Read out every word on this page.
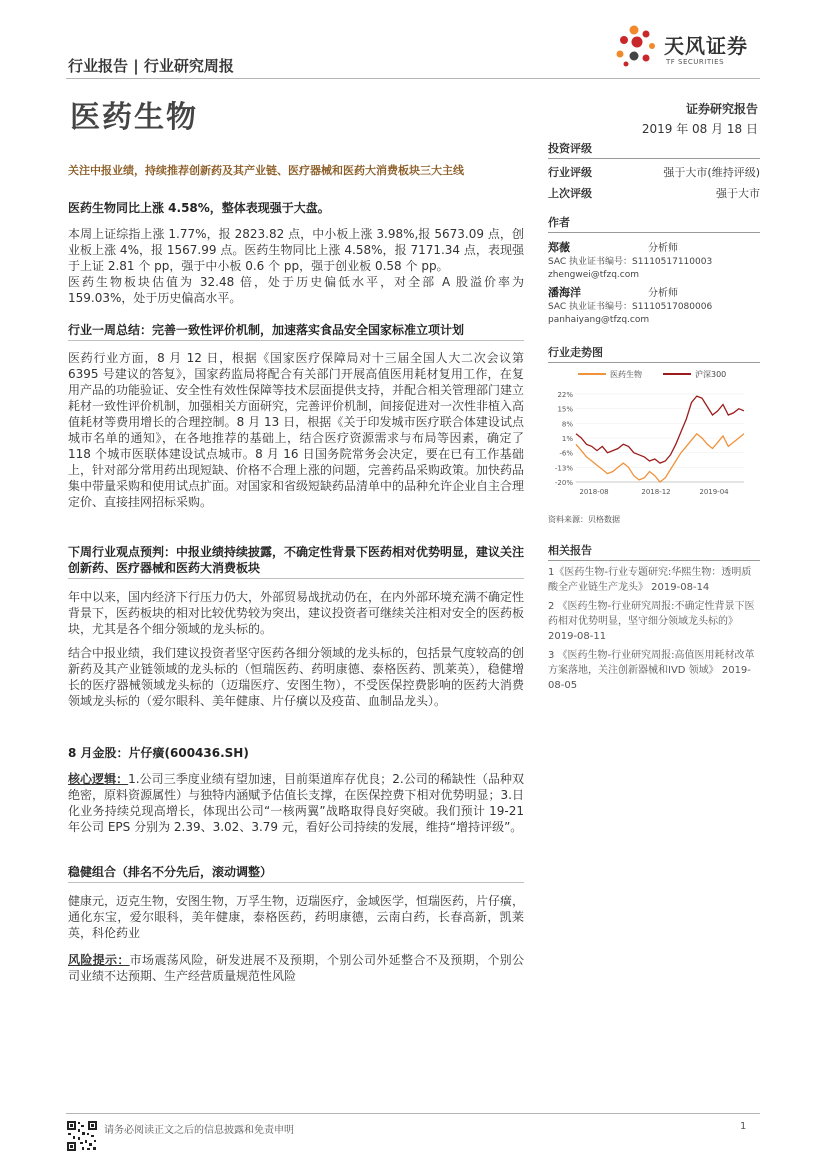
行业报告 | 行业研究周报
天风证券
TF SECURITIES
医药生物	证券研究报告
2019 年 08 月 18 日
关注中报业绩，持续推荐创新药及其产业链、医疗器械和医药大消费板块三大主线
投资评级
行业评级	强于大市(维持评级)
上次评级	强于大市
作者
郑薇	分析师
SAC 执业证书编号：S1110517110003
zhengwei@tfzq.com
潘海洋	分析师
SAC 执业证书编号：S1110517080006
panhaiyang@tfzq.com
行业走势图
医药生物	沪深300
22%
15%
8%
1%
-6%
-13%
-20%
2018-08	2018-12	2019-04
资料来源：贝格数据
相关报告
1《医药生物-行业专题研究:华熙生物：透明质酸全产业链生产龙头》 2019-08-14
2 《医药生物-行业研究周报:不确定性背景下医药相对优势明显，坚守细分领域龙头标的》 2019-08-11
3 《医药生物-行业研究周报:高值医用耗材改革方案落地，关注创新器械和IVD 领域》 2019-08-05
医药生物同比上涨 4.58%，整体表现强于大盘。
本周上证综指上涨 1.77%，报 2823.82 点，中小板上涨 3.98%,报 5673.09 点，创业板上涨 4%，报 1567.99 点。医药生物同比上涨 4.58%，报 7171.34 点，表现强于上证 2.81 个 pp，强于中小板 0.6 个 pp，强于创业板 0.58 个 pp。
医药生物板块估值为 32.48 倍，处于历史偏低水平，对全部 A 股溢价率为 159.03%，处于历史偏高水平。
行业一周总结：完善一致性评价机制，加速落实食品安全国家标准立项计划
医药行业方面，8 月 12 日，根据《国家医疗保障局对十三届全国人大二次会议第 6395 号建议的答复》，国家药监局将配合有关部门开展高值医用耗材复用工作，在复用产品的功能验证、安全性有效性保障等技术层面提供支持，并配合相关管理部门建立耗材一致性评价机制，加强相关方面研究，完善评价机制，间接促进对一次性非植入高值耗材等费用增长的合理控制。8 月 13 日，根据《关于印发城市医疗联合体建设试点城市名单的通知》，在各地推荐的基础上，结合医疗资源需求与布局等因素，确定了 118 个城市医联体建设试点城市。8 月 16 日国务院常务会决定，要在已有工作基础上，针对部分常用药出现短缺、价格不合理上涨的问题，完善药品采购政策。加快药品集中带量采购和使用试点扩面。对国家和省级短缺药品清单中的品种允许企业自主合理定价、直接挂网招标采购。
下周行业观点预判：中报业绩持续披露，不确定性背景下医药相对优势明显，建议关注创新药、医疗器械和医药大消费板块
年中以来，国内经济下行压力仍大，外部贸易战扰动仍在，在内外部环境充满不确定性背景下，医药板块的相对比较优势较为突出，建议投资者可继续关注相对安全的医药板块，尤其是各个细分领域的龙头标的。
结合中报业绩，我们建议投资者坚守医药各细分领域的龙头标的，包括景气度较高的创新药及其产业链领域的龙头标的（恒瑞医药、药明康德、泰格医药、凯莱英），稳健增长的医疗器械领域龙头标的（迈瑞医疗、安图生物），不受医保控费影响的医药大消费领域龙头标的（爱尔眼科、美年健康、片仔癀以及疫苗、血制品龙头）。
8 月金股：片仔癀(600436.SH)
核心逻辑：1.公司三季度业绩有望加速，目前渠道库存优良；2.公司的稀缺性（品种双绝密，原料资源属性）与独特内涵赋予估值长支撑，在医保控费下相对优势明显；3.日化业务持续兑现高增长，体现出公司“一核两翼”战略取得良好突破。我们预计 19-21 年公司 EPS 分别为 2.39、3.02、3.79 元，看好公司持续的发展，维持“增持评级”。
稳健组合（排名不分先后，滚动调整）
健康元，迈克生物，安图生物，万孚生物，迈瑞医疗，金域医学，恒瑞医药，片仔癀，通化东宝，爱尔眼科，美年健康，泰格医药，药明康德，云南白药，长春高新，凯莱英，科伦药业
风险提示：市场震荡风险，研发进展不及预期，个别公司外延整合不及预期，个别公司业绩不达预期、生产经营质量规范性风险
请务必阅读正文之后的信息披露和免责申明	1
